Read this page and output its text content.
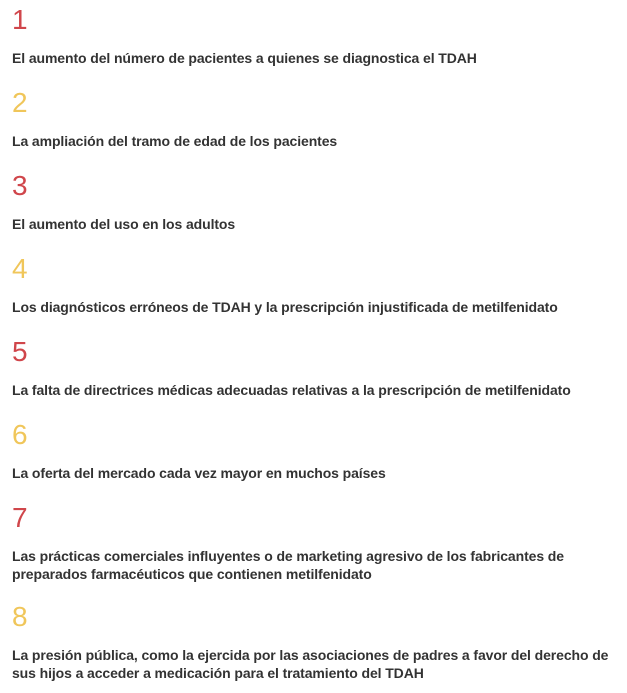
1
El aumento del número de pacientes a quienes se diagnostica el TDAH
2
La ampliación del tramo de edad de los pacientes
3
El aumento del uso en los adultos
4
Los diagnósticos erróneos de TDAH y la prescripción injustificada de metilfenidato
5
La falta de directrices médicas adecuadas relativas a la prescripción de metilfenidato
6
La oferta del mercado cada vez mayor en muchos países
7
Las prácticas comerciales influyentes o de marketing agresivo de los fabricantes de preparados farmacéuticos que contienen metilfenidato
8
La presión pública, como la ejercida por las asociaciones de padres a favor del derecho de sus hijos a acceder a medicación para el tratamiento del TDAH
